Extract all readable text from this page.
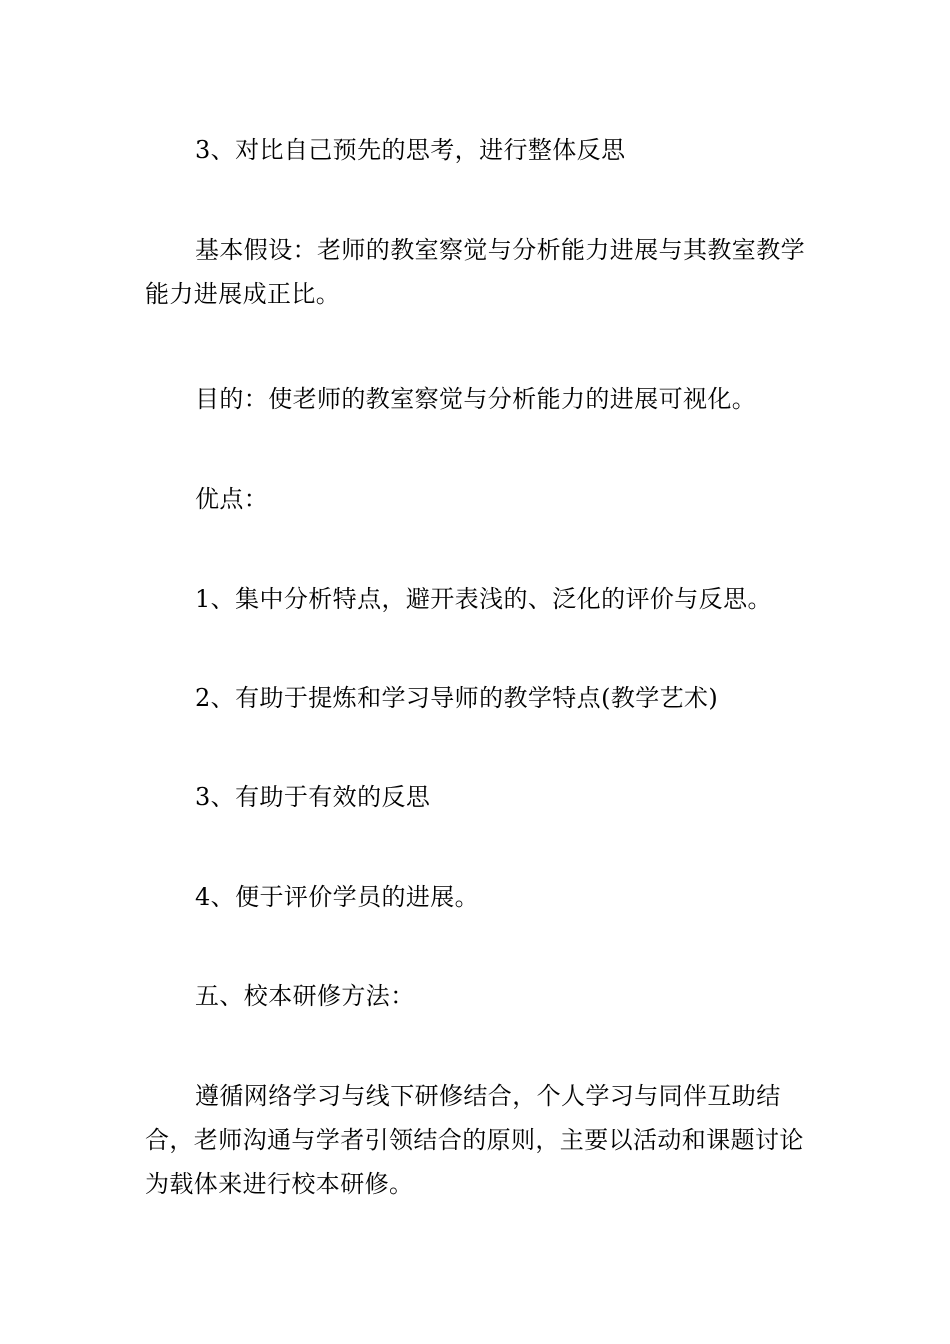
3、对比自己预先的思考，进行整体反思

基本假设：老师的教室察觉与分析能力进展与其教室教学能力进展成正比。

目的：使老师的教室察觉与分析能力的进展可视化。

优点：

1、集中分析特点，避开表浅的、泛化的评价与反思。

2、有助于提炼和学习导师的教学特点(教学艺术)

3、有助于有效的反思

4、便于评价学员的进展。

五、校本研修方法：

遵循网络学习与线下研修结合，个人学习与同伴互助结合，老师沟通与学者引领结合的原则，主要以活动和课题讨论为载体来进行校本研修。
